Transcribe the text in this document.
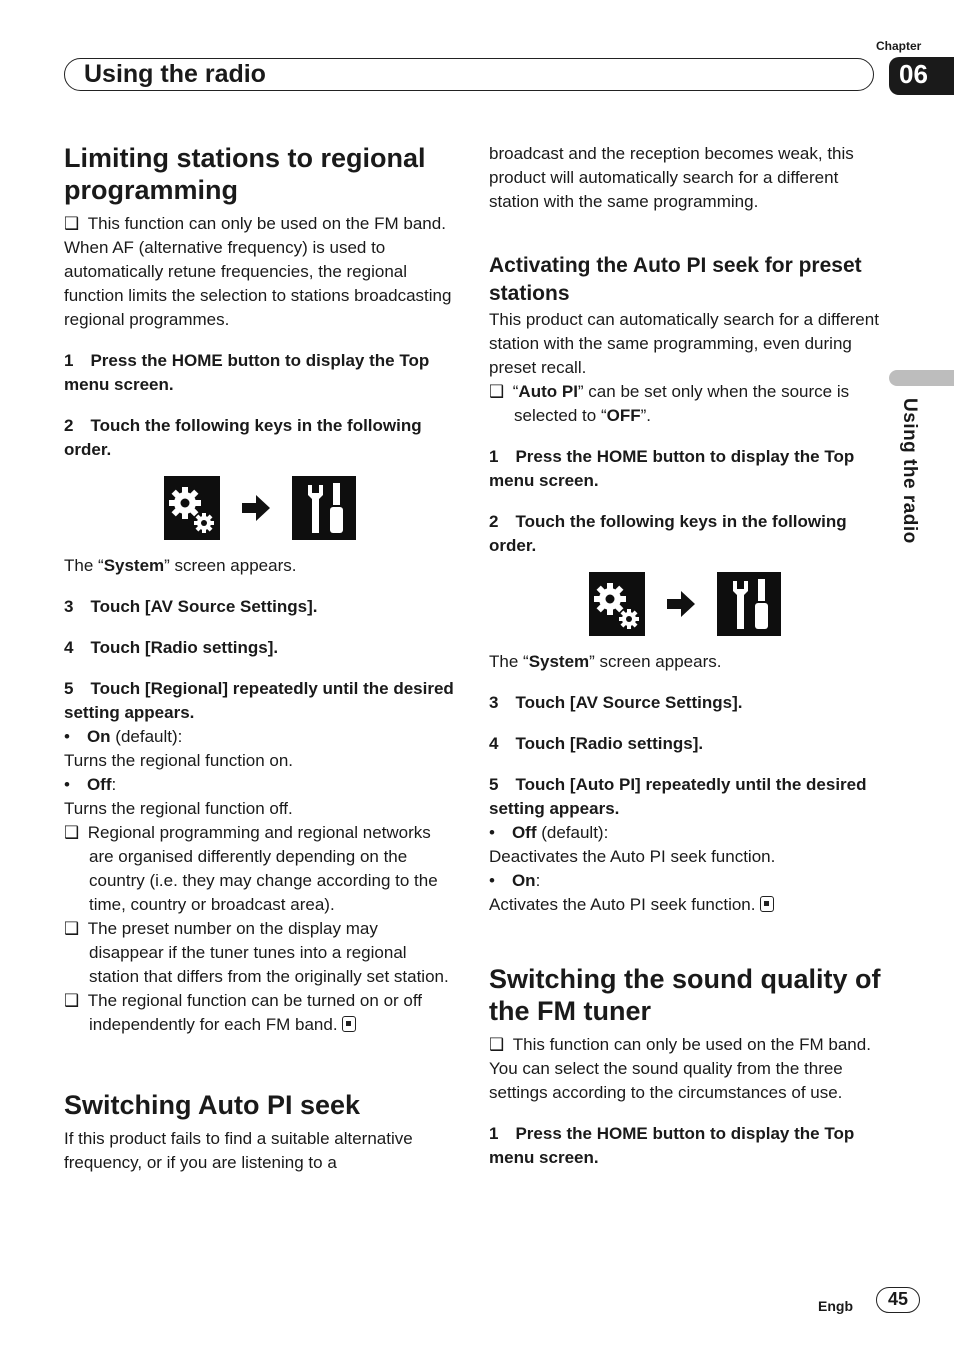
Using the radio
Chapter
06
Using the radio
Limiting stations to regional programming

❑ This function can only be used on the FM band.

When AF (alternative frequency) is used to automatically retune frequencies, the regional function limits the selection to stations broadcasting regional programmes.

1 Press the HOME button to display the Top menu screen.

2 Touch the following keys in the following order.

The “System” screen appears.

3 Touch [AV Source Settings].

4 Touch [Radio settings].

5 Touch [Regional] repeatedly until the desired setting appears.

• On (default):

Turns the regional function on.

• Off:

Turns the regional function off.

❑ Regional programming and regional networks are organised differently depending on the country (i.e. they may change according to the time, country or broadcast area).

❑ The preset number on the display may disappear if the tuner tunes into a regional station that differs from the originally set station.

❑ The regional function can be turned on or off independently for each FM band.

Switching Auto PI seek

If this product fails to find a suitable alternative frequency, or if you are listening to a

broadcast and the reception becomes weak, this product will automatically search for a different station with the same programming.

Activating the Auto PI seek for preset stations

This product can automatically search for a different station with the same programming, even during preset recall.

❑ “Auto PI” can be set only when the source is selected to “OFF”.

1 Press the HOME button to display the Top menu screen.

2 Touch the following keys in the following order.

The “System” screen appears.

3 Touch [AV Source Settings].

4 Touch [Radio settings].

5 Touch [Auto PI] repeatedly until the desired setting appears.

• Off (default):

Deactivates the Auto PI seek function.

• On:

Activates the Auto PI seek function.

Switching the sound quality of the FM tuner

❑ This function can only be used on the FM band.

You can select the sound quality from the three settings according to the circumstances of use.

1 Press the HOME button to display the Top menu screen.

Engb	45
